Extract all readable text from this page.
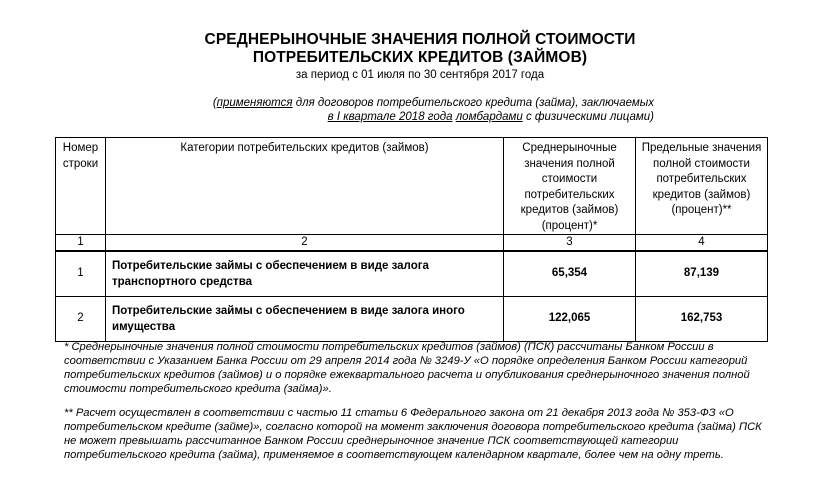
СРЕДНЕРЫНОЧНЫЕ ЗНАЧЕНИЯ ПОЛНОЙ СТОИМОСТИ
ПОТРЕБИТЕЛЬСКИХ КРЕДИТОВ (ЗАЙМОВ)
за период с 01 июля по 30 сентября 2017 года
(применяются для договоров потребительского кредита (займа), заключаемых
в I квартале 2018 года ломбардами с физическими лицами)
Номер строки	Категории потребительских кредитов (займов)	Среднерыночные значения полной стоимости потребительских кредитов (займов) (процент)*	Предельные значения полной стоимости потребительских кредитов (займов) (процент)**
1	2	3	4
1	Потребительские займы с обеспечением в виде залога транспортного средства	65,354	87,139
2	Потребительские займы с обеспечением в виде залога иного имущества	122,065	162,753
* Среднерыночные значения полной стоимости потребительских кредитов (займов) (ПСК) рассчитаны Банком России в соответствии с Указанием Банка России от 29 апреля 2014 года № 3249-У «О порядке определения Банком России категорий потребительских кредитов (займов) и о порядке ежеквартального расчета и опубликования среднерыночного значения полной стоимости потребительского кредита (займа)».
** Расчет осуществлен в соответствии с частью 11 статьи 6 Федерального закона от 21 декабря 2013 года № 353-ФЗ «О потребительском кредите (займе)», согласно которой на момент заключения договора потребительского кредита (займа) ПСК не может превышать рассчитанное Банком России среднерыночное значение ПСК соответствующей категории потребительского кредита (займа), применяемое в соответствующем календарном квартале, более чем на одну треть.
